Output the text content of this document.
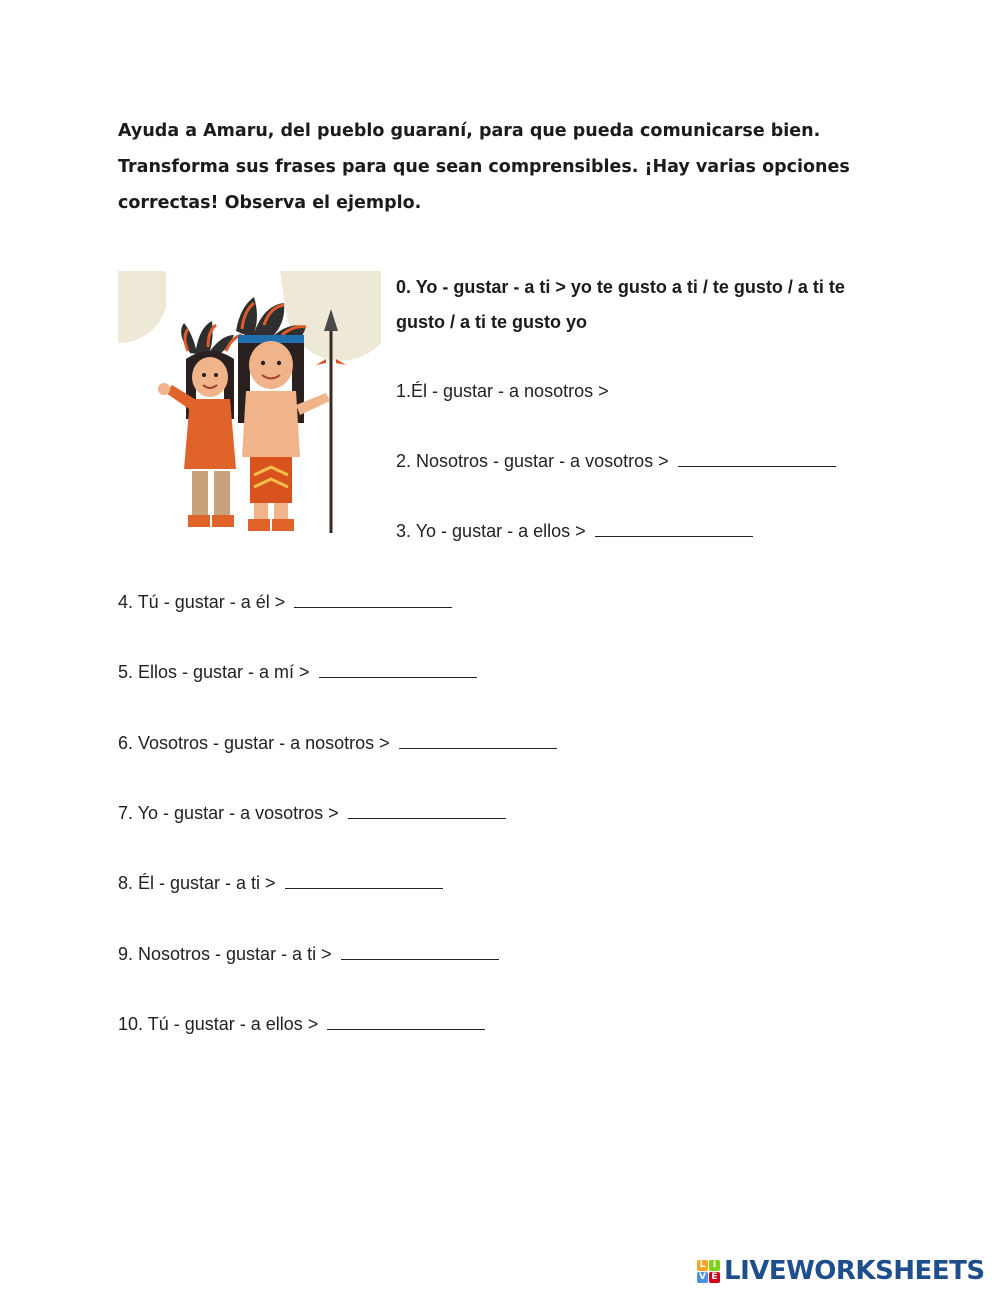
Ayuda a Amaru, del pueblo guaraní, para que pueda comunicarse bien.

Transforma sus frases para que sean comprensibles. ¡Hay varias opciones

correctas! Observa el ejemplo.

0. Yo - gustar - a ti > yo te gusto a ti / te gusto / a ti te

gusto / a ti te gusto yo

1.Él - gustar - a nosotros >
2. Nosotros - gustar - a vosotros >
3. Yo - gustar - a ellos >
4. Tú - gustar - a él >
5. Ellos - gustar - a mí >
6. Vosotros - gustar - a nosotros >
7. Yo - gustar - a vosotros >
8. Él - gustar - a ti >
9. Nosotros - gustar - a ti >
10. Tú - gustar - a ellos >
L I
V E LIVEWORKSHEETS
